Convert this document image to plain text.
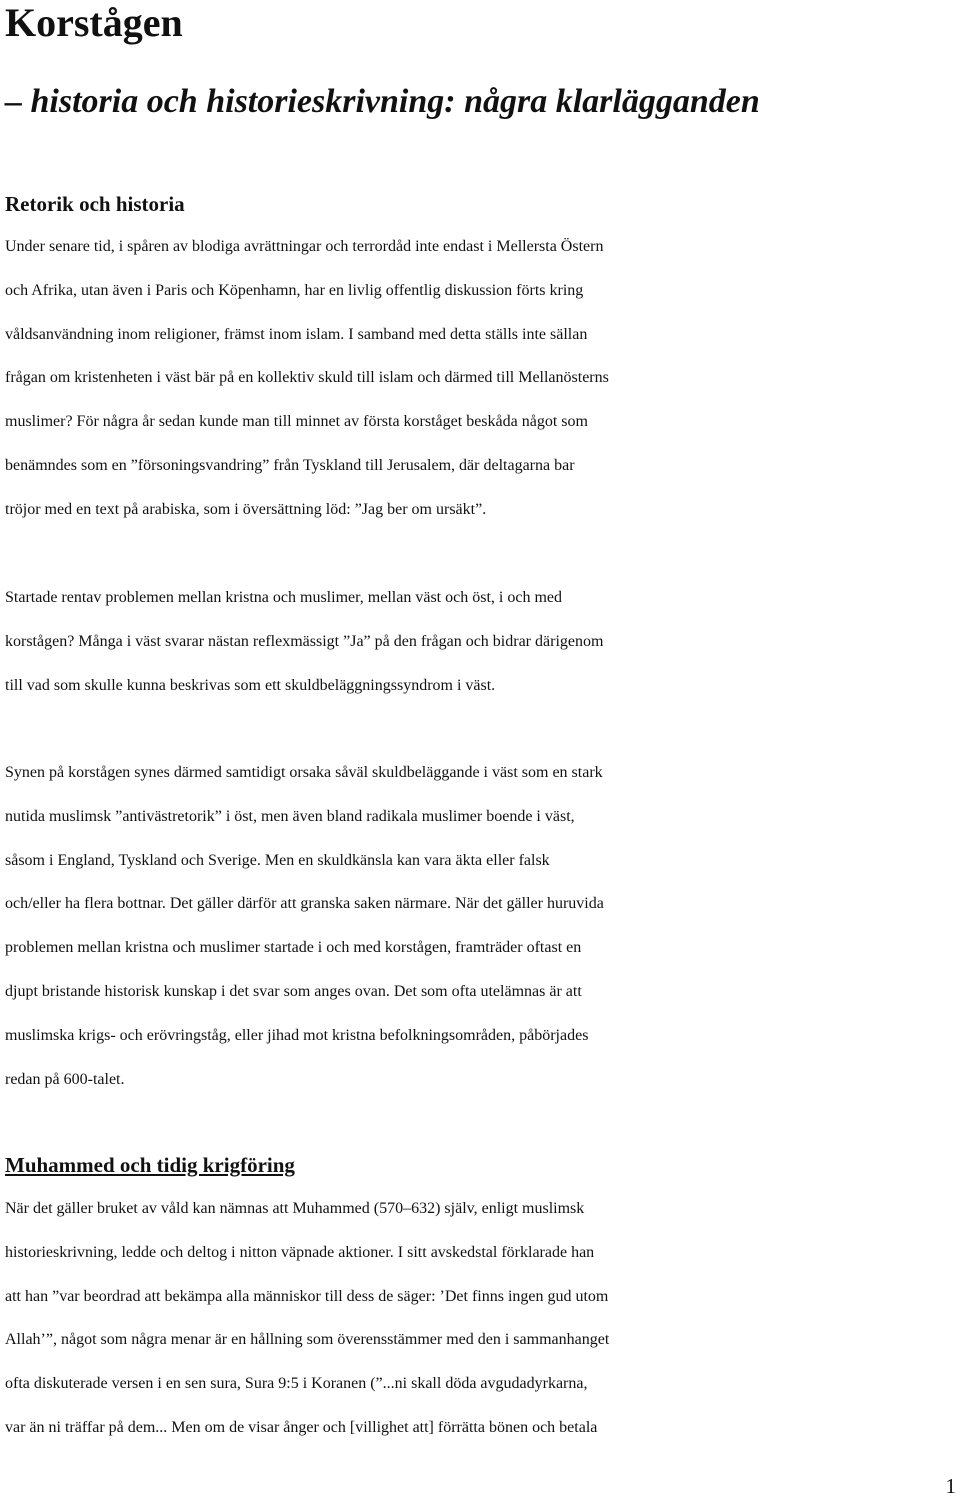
Korstågen
– historia och historieskrivning: några klarlägganden
Retorik och historia
Under senare tid, i spåren av blodiga avrättningar och terrordåd inte endast i Mellersta Östern
och Afrika, utan även i Paris och Köpenhamn, har en livlig offentlig diskussion förts kring
våldsanvändning inom religioner, främst inom islam. I samband med detta ställs inte sällan
frågan om kristenheten i väst bär på en kollektiv skuld till islam och därmed till Mellanösterns
muslimer? För några år sedan kunde man till minnet av första korståget beskåda något som
benämndes som en ”försoningsvandring” från Tyskland till Jerusalem, där deltagarna bar
tröjor med en text på arabiska, som i översättning löd: ”Jag ber om ursäkt”.
Startade rentav problemen mellan kristna och muslimer, mellan väst och öst, i och med
korstågen? Många i väst svarar nästan reflexmässigt ”Ja” på den frågan och bidrar därigenom
till vad som skulle kunna beskrivas som ett skuldbeläggningssyndrom i väst.
Synen på korstågen synes därmed samtidigt orsaka såväl skuldbeläggande i väst som en stark
nutida muslimsk ”antivästretorik” i öst, men även bland radikala muslimer boende i väst,
såsom i England, Tyskland och Sverige. Men en skuldkänsla kan vara äkta eller falsk
och/eller ha flera bottnar. Det gäller därför att granska saken närmare. När det gäller huruvida
problemen mellan kristna och muslimer startade i och med korstågen, framträder oftast en
djupt bristande historisk kunskap i det svar som anges ovan. Det som ofta utelämnas är att
muslimska krigs- och erövringståg, eller jihad mot kristna befolkningsområden, påbörjades
redan på 600-talet.
Muhammed och tidig krigföring
När det gäller bruket av våld kan nämnas att Muhammed (570–632) själv, enligt muslimsk
historieskrivning, ledde och deltog i nitton väpnade aktioner. I sitt avskedstal förklarade han
att han ”var beordrad att bekämpa alla människor till dess de säger: ’Det finns ingen gud utom
Allah’”, något som några menar är en hållning som överensstämmer med den i sammanhanget
ofta diskuterade versen i en sen sura, Sura 9:5 i Koranen (”...ni skall döda avgudadyrkarna,
var än ni träffar på dem... Men om de visar ånger och [villighet att] förrätta bönen och betala
1
